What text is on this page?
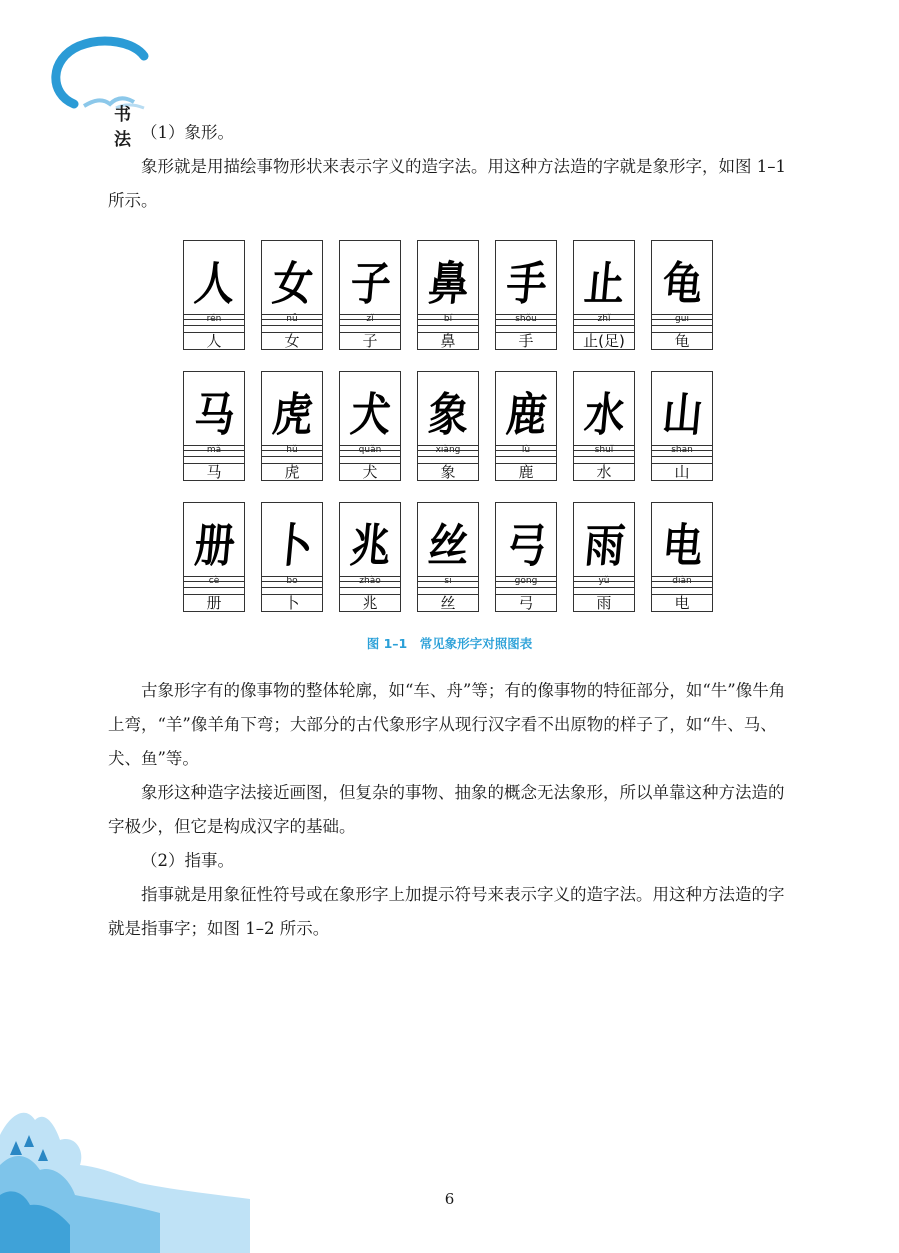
书 法

（1）象形。

象形就是用描绘事物形状来表示字义的造字法。用这种方法造的字就是象形字，如图 1–1 所示。

人
rén
人
女
nǚ
女
子
zǐ
子
鼻
bí
鼻
手
shǒu
手
止
zhǐ
止(足)
龟
guī
龟
马
mǎ
马
虎
hǔ
虎
犬
quǎn
犬
象
xiàng
象
鹿
lù
鹿
水
shuǐ
水
山
shān
山
册
cè
册
卜
bo
卜
兆
zhào
兆
丝
sī
丝
弓
gōng
弓
雨
yǔ
雨
电
diàn
电
图 1–1　常见象形字对照图表

古象形字有的像事物的整体轮廓，如“车、舟”等；有的像事物的特征部分，如“牛”像牛角上弯，“羊”像羊角下弯；大部分的古代象形字从现行汉字看不出原物的样子了，如“牛、马、犬、鱼”等。

象形这种造字法接近画图，但复杂的事物、抽象的概念无法象形，所以单靠这种方法造的字极少，但它是构成汉字的基础。

（2）指事。

指事就是用象征性符号或在象形字上加提示符号来表示字义的造字法。用这种方法造的字就是指事字；如图 1–2 所示。

6
